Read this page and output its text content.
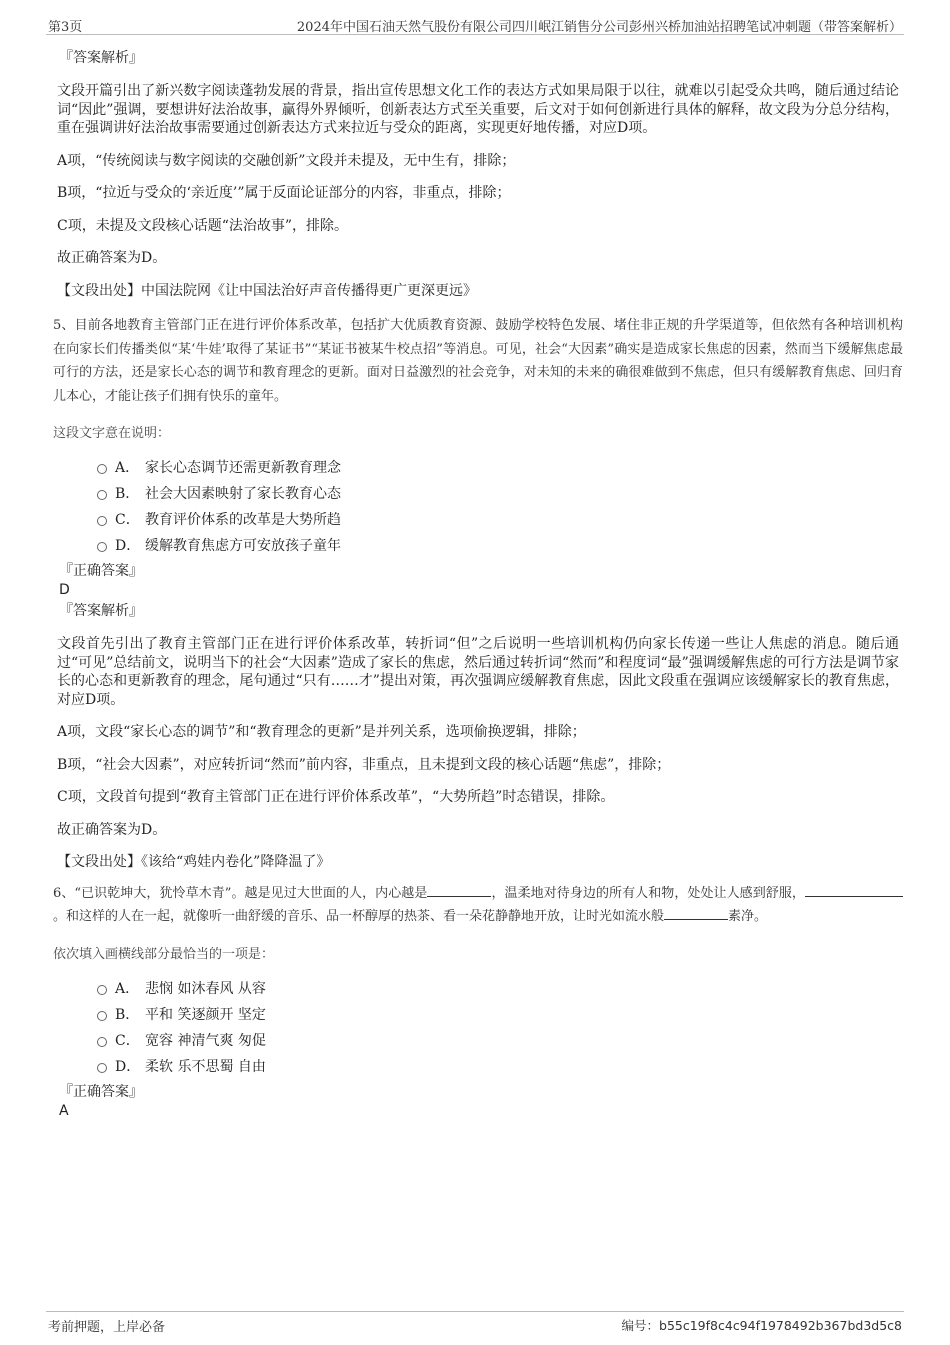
第3页	2024年中国石油天然气股份有限公司四川岷江销售分公司彭州兴桥加油站招聘笔试冲刺题（带答案解析）

『答案解析』

文段开篇引出了新兴数字阅读蓬勃发展的背景，指出宣传思想文化工作的表达方式如果局限于以往，就难以引起受众共鸣，随后通过结论词“因此”强调，要想讲好法治故事，赢得外界倾听，创新表达方式至关重要，后文对于如何创新进行具体的解释，故文段为分总分结构，重在强调讲好法治故事需要通过创新表达方式来拉近与受众的距离，实现更好地传播，对应D项。

A项，“传统阅读与数字阅读的交融创新”文段并未提及，无中生有，排除；

B项，“拉近与受众的‘亲近度’”属于反面论证部分的内容，非重点，排除；

C项，未提及文段核心话题“法治故事”，排除。

故正确答案为D。

【文段出处】中国法院网《让中国法治好声音传播得更广更深更远》

5、目前各地教育主管部门正在进行评价体系改革，包括扩大优质教育资源、鼓励学校特色发展、堵住非正规的升学渠道等，但依然有各种培训机构在向家长们传播类似“某‘牛娃’取得了某证书”“某证书被某牛校点招”等消息。可见，社会“大因素”确实是造成家长焦虑的因素，然而当下缓解焦虑最可行的方法，还是家长心态的调节和教育理念的更新。面对日益激烈的社会竞争，对未知的未来的确很难做到不焦虑，但只有缓解教育焦虑、回归育儿本心，才能让孩子们拥有快乐的童年。

这段文字意在说明：

A． 家长心态调节还需更新教育理念
B． 社会大因素映射了家长教育心态
C． 教育评价体系的改革是大势所趋
D． 缓解教育焦虑方可安放孩子童年

『正确答案』

D

『答案解析』

文段首先引出了教育主管部门正在进行评价体系改革，转折词“但”之后说明一些培训机构仍向家长传递一些让人焦虑的消息。随后通过“可见”总结前文，说明当下的社会“大因素”造成了家长的焦虑，然后通过转折词“然而”和程度词“最”强调缓解焦虑的可行方法是调节家长的心态和更新教育的理念，尾句通过“只有……才”提出对策，再次强调应缓解教育焦虑，因此文段重在强调应该缓解家长的教育焦虑，对应D项。

A项，文段“家长心态的调节”和“教育理念的更新”是并列关系，选项偷换逻辑，排除；

B项，“社会大因素”，对应转折词“然而”前内容，非重点，且未提到文段的核心话题“焦虑”，排除；

C项，文段首句提到“教育主管部门正在进行评价体系改革”，“大势所趋”时态错误，排除。

故正确答案为D。

【文段出处】《该给“鸡娃内卷化”降降温了》

6、“已识乾坤大，犹怜草木青”。越是见过大世面的人，内心越是	，温柔地对待身边的所有人和物，处处让人感到舒服，。和这样的人在一起，就像听一曲舒缓的音乐、品一杯醇厚的热茶、看一朵花静静地开放，让时光如流水般	素净。

依次填入画横线部分最恰当的一项是：

A． 悲悯 如沐春风 从容
B． 平和 笑逐颜开 坚定
C． 宽容 神清气爽 匆促
D． 柔软 乐不思蜀 自由

『正确答案』

A

考前押题，上岸必备	编号：b55c19f8c4c94f1978492b367bd3d5c8
